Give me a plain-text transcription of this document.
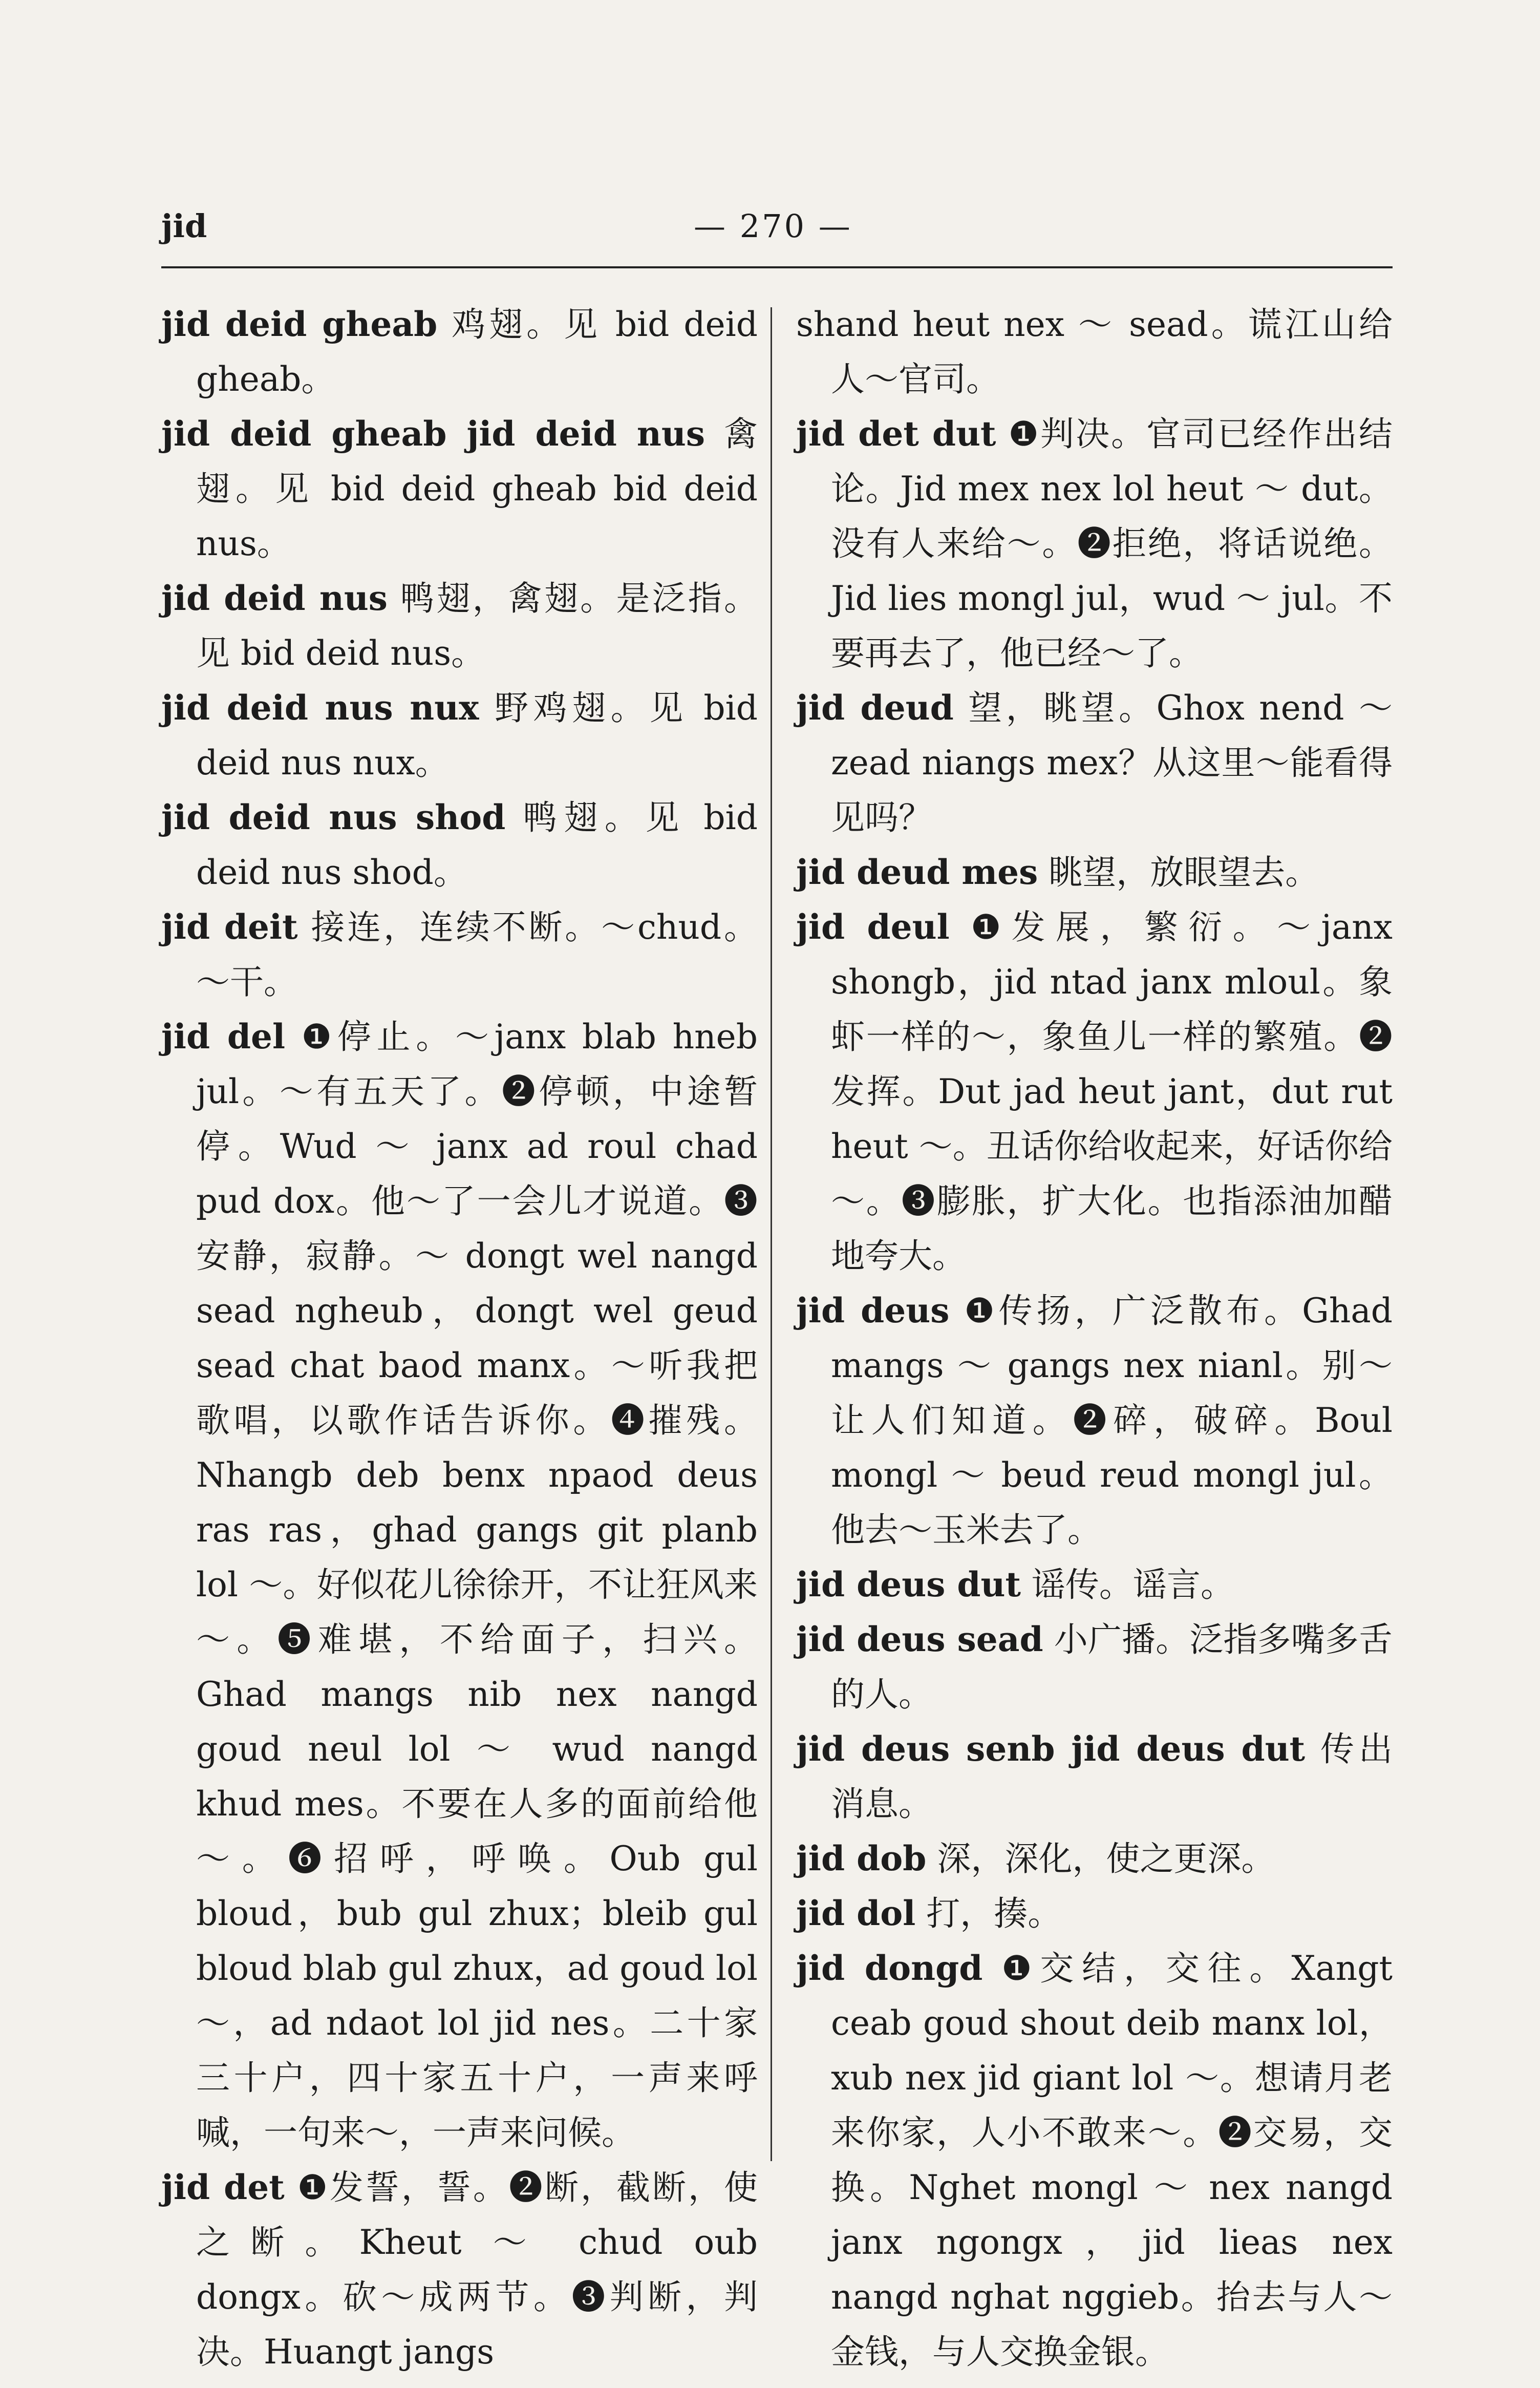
jid	— 270 —

jid deid gheab 鸡翅。见 bid deid gheab。

jid deid gheab jid deid nus 禽翅。见 bid deid gheab bid deid nus。

jid deid nus 鸭翅，禽翅。是泛指。见 bid deid nus。

jid deid nus nux 野鸡翅。见 bid deid nus nux。

jid deid nus shod 鸭翅。见 bid deid nus shod。

jid deit 接连，连续不断。～chud。～干。

jid del ❶停止。～janx blab hneb jul。～有五天了。❷停顿，中途暂停。Wud ～ janx ad roul chad pud dox。他～了一会儿才说道。❸安静，寂静。～ dongt wel nangd sead ngheub，dongt wel geud sead chat baod manx。～听我把歌唱，以歌作话告诉你。❹摧残。Nhangb deb benx npaod deus ras ras，ghad gangs git planb lol ～。好似花儿徐徐开，不让狂风来～。❺难堪，不给面子，扫兴。Ghad mangs nib nex nangd goud neul lol ～ wud nangd khud mes。不要在人多的面前给他～。❻招呼，呼唤。Oub gul bloud，bub gul zhux；bleib gul bloud blab gul zhux，ad goud lol ～，ad ndaot lol jid nes。二十家三十户，四十家五十户，一声来呼喊，一句来～，一声来问候。

jid det ❶发誓，誓。❷断，截断，使之断。Kheut ～ chud oub dongx。砍～成两节。❸判断，判决。Huangt jangs

shand heut nex ～ sead。谎江山给人～官司。

jid det dut ❶判决。官司已经作出结论。Jid mex nex lol heut ～ dut。没有人来给～。❷拒绝，将话说绝。Jid lies mongl jul，wud ～ jul。不要再去了，他已经～了。

jid deud 望，眺望。Ghox nend ～ zead niangs mex？从这里～能看得见吗？

jid deud mes 眺望，放眼望去。

jid deul ❶发展，繁衍。～janx shongb，jid ntad janx mloul。象虾一样的～，象鱼儿一样的繁殖。❷发挥。Dut jad heut jant，dut rut heut ～。丑话你给收起来，好话你给～。❸膨胀，扩大化。也指添油加醋地夸大。

jid deus ❶传扬，广泛散布。Ghad mangs ～ gangs nex nianl。别～让人们知道。❷碎，破碎。Boul mongl ～ beud reud mongl jul。他去～玉米去了。

jid deus dut 谣传。谣言。

jid deus sead 小广播。泛指多嘴多舌的人。

jid deus senb jid deus dut 传出消息。

jid dob 深，深化，使之更深。

jid dol 打，揍。

jid dongd ❶交结，交往。Xangt ceab goud shout deib manx lol，xub nex jid giant lol ～。想请月老来你家，人小不敢来～。❷交易，交换。Nghet mongl ～ nex nangd janx ngongx，jid lieas nex nangd nghat nggieb。抬去与人～金钱，与人交换金银。
